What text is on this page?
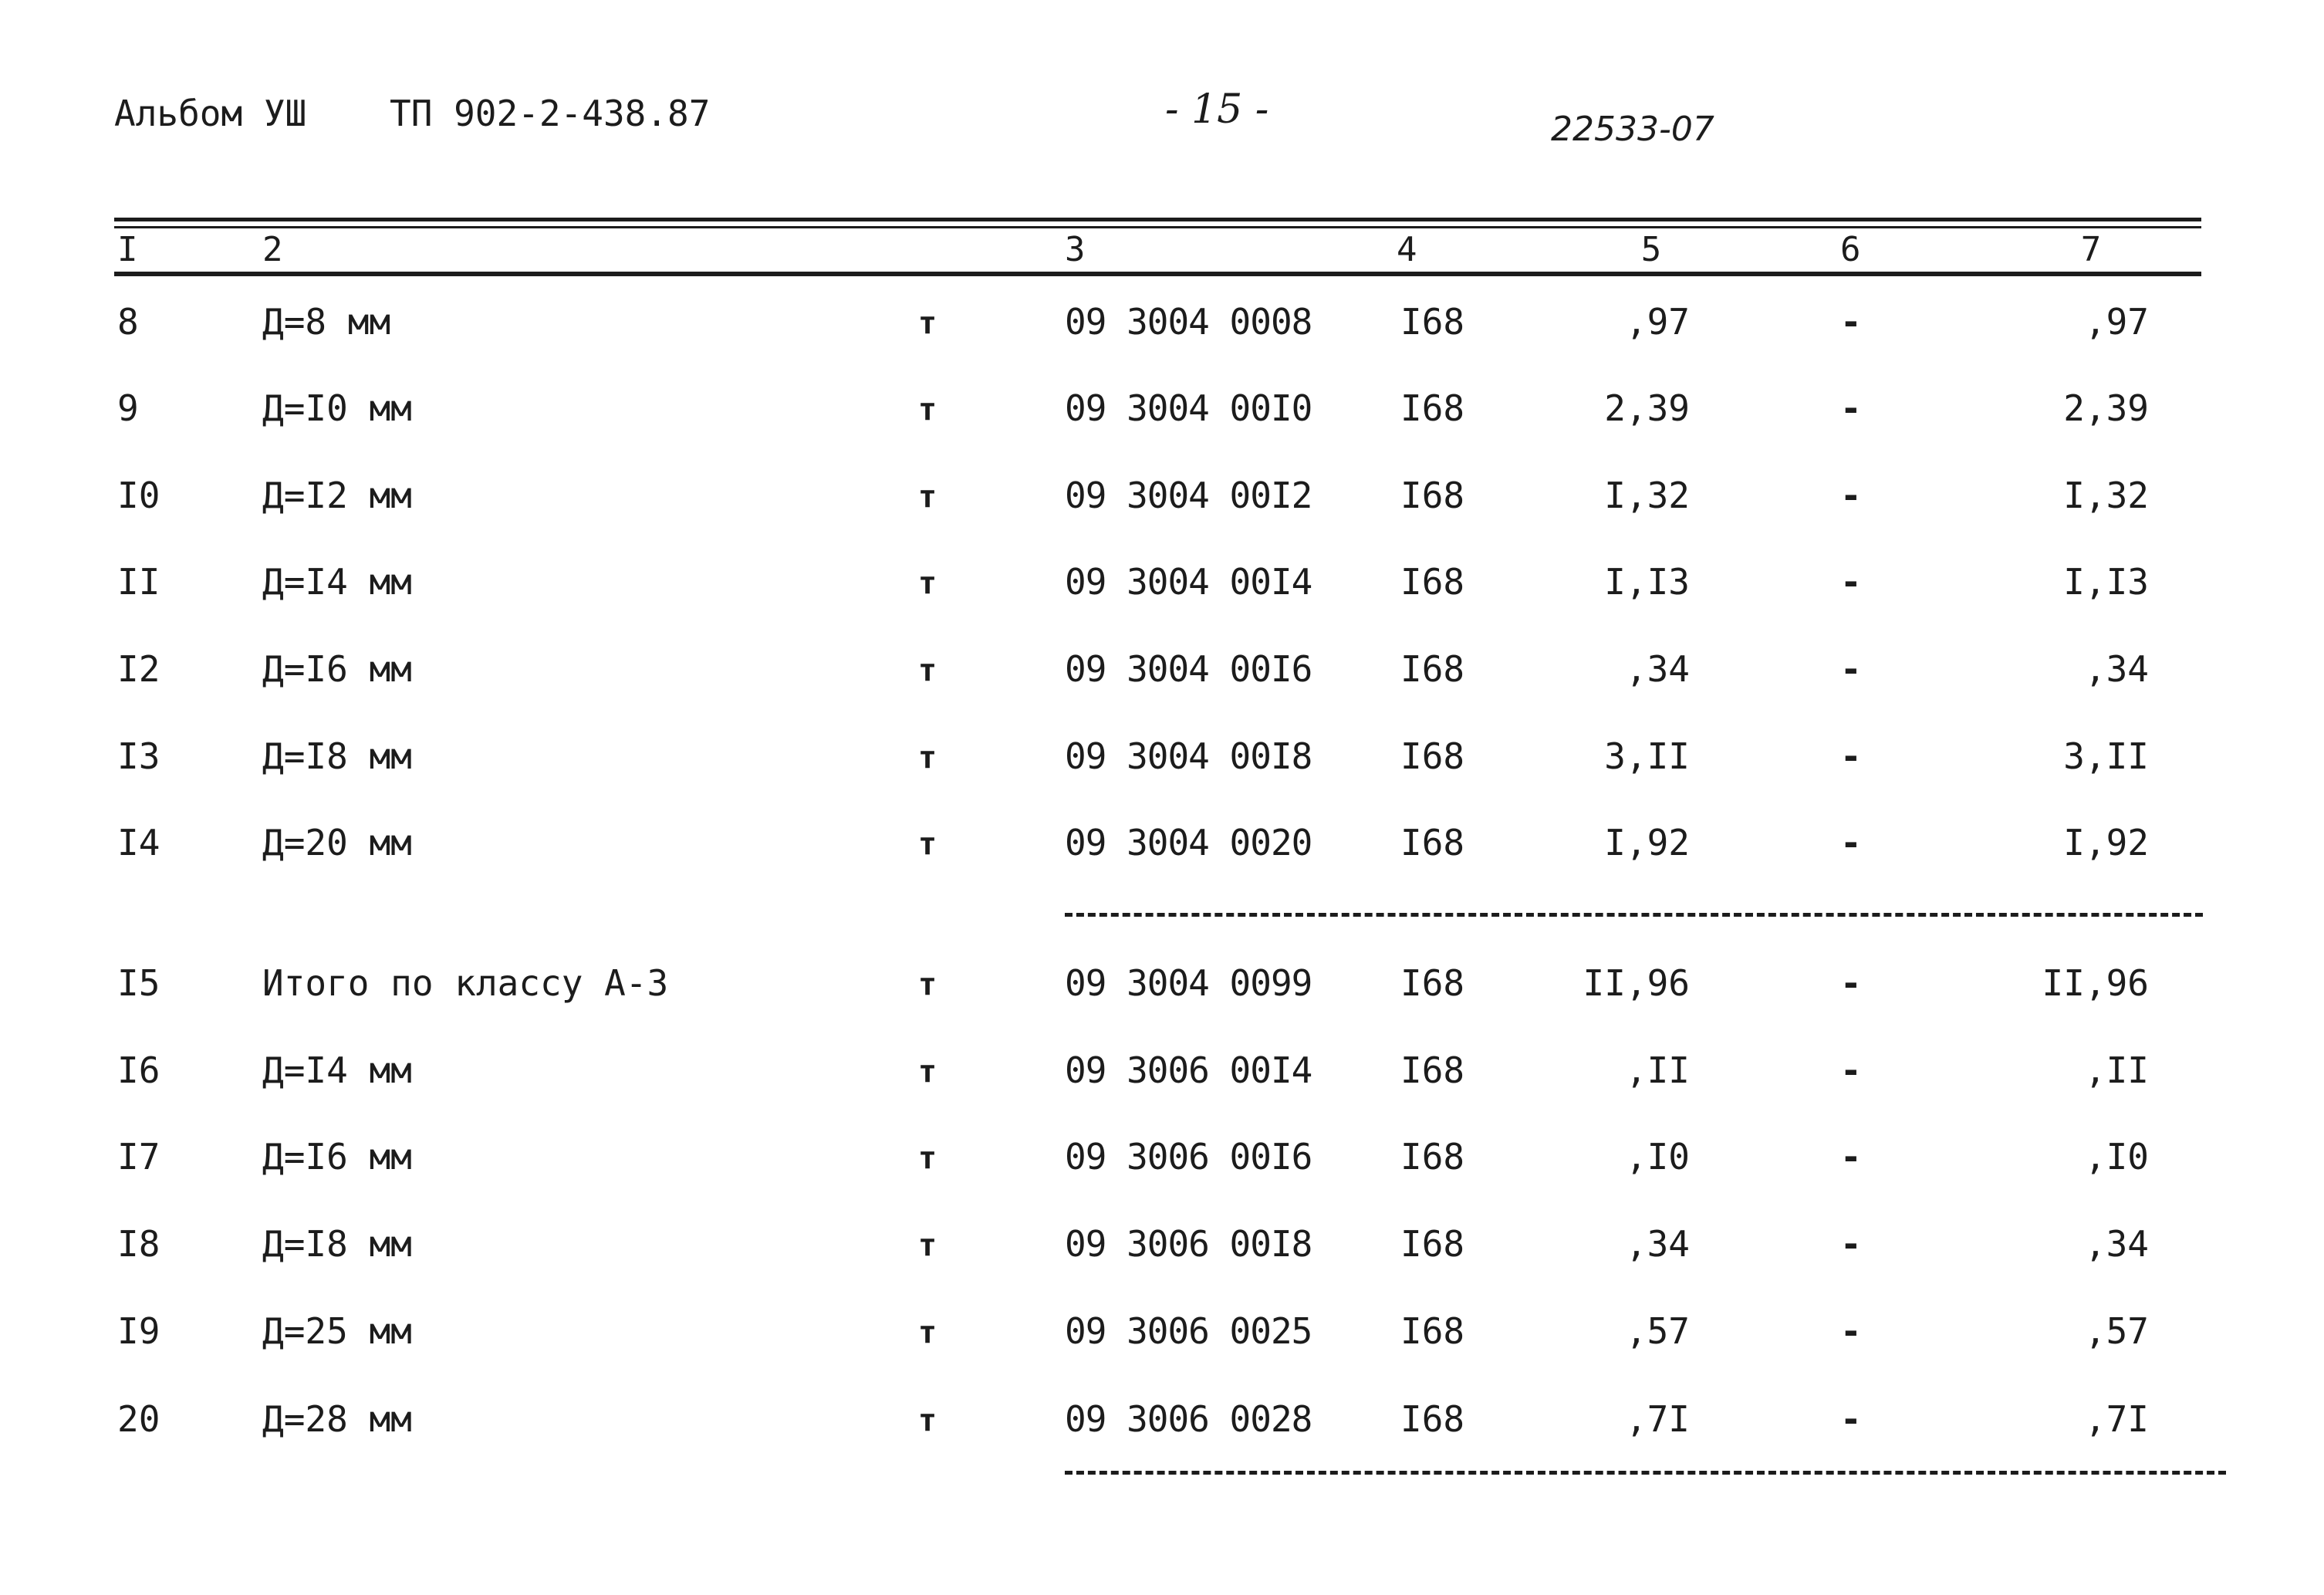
Альбом УШ ТП 902-2-438.87	- 15 -	22533-07
I	2	3	4	5	6	7
8	Д=8 мм	т	09 3004 0008 I68	,97	-	,97
9	Д=I0 мм	т	09 3004 00I0 I68	2,39	-	2,39
I0	Д=I2 мм	т	09 3004 00I2 I68	I,32	-	I,32
II	Д=I4 мм	т	09 3004 00I4 I68	I,I3	-	I,I3
I2	Д=I6 мм	т	09 3004 00I6 I68	,34	-	,34
I3	Д=I8 мм	т	09 3004 00I8 I68	3,II	-	3,II
I4	Д=20 мм	т	09 3004 0020 I68	I,92	-	I,92
I5	Итого по классу А-3	т	09 3004 0099 I68	II,96	-	II,96
I6	Д=I4 мм	т	09 3006 00I4 I68	,II	-	,II
I7	Д=I6 мм	т	09 3006 00I6 I68	,I0	-	,I0
I8	Д=I8 мм	т	09 3006 00I8 I68	,34	-	,34
I9	Д=25 мм	т	09 3006 0025 I68	,57	-	,57
20	Д=28 мм	т	09 3006 0028 I68	,7I	-	,7I
